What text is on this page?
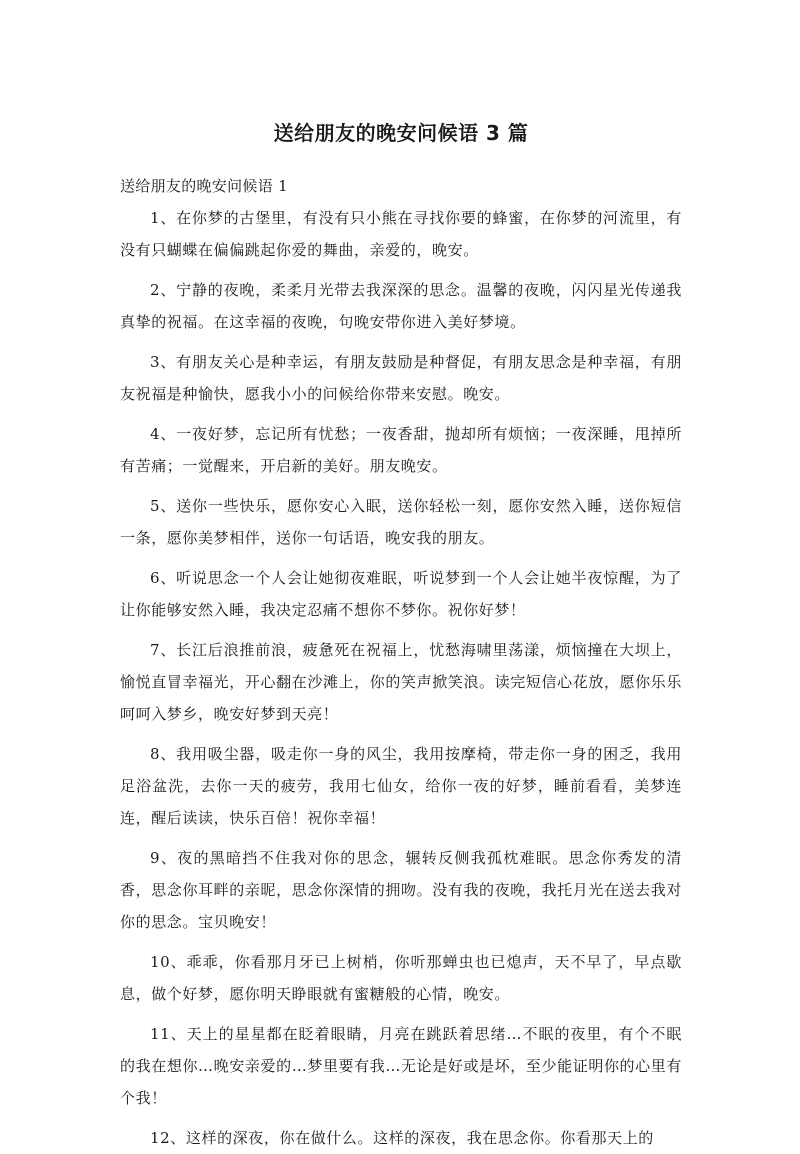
送给朋友的晚安问候语 3 篇

送给朋友的晚安问候语 1

1、在你梦的古堡里，有没有只小熊在寻找你要的蜂蜜，在你梦的河流里，有没有只蝴蝶在偏偏跳起你爱的舞曲，亲爱的，晚安。

2、宁静的夜晚，柔柔月光带去我深深的思念。温馨的夜晚，闪闪星光传递我真挚的祝福。在这幸福的夜晚，句晚安带你进入美好梦境。

3、有朋友关心是种幸运，有朋友鼓励是种督促，有朋友思念是种幸福，有朋友祝福是种愉快，愿我小小的问候给你带来安慰。晚安。

4、一夜好梦，忘记所有忧愁；一夜香甜，抛却所有烦恼；一夜深睡，甩掉所有苦痛；一觉醒来，开启新的美好。朋友晚安。

5、送你一些快乐，愿你安心入眠，送你轻松一刻，愿你安然入睡，送你短信一条，愿你美梦相伴，送你一句话语，晚安我的朋友。

6、听说思念一个人会让她彻夜难眠，听说梦到一个人会让她半夜惊醒，为了让你能够安然入睡，我决定忍痛不想你不梦你。祝你好梦！

7、长江后浪推前浪，疲惫死在祝福上，忧愁海啸里荡漾，烦恼撞在大坝上，愉悦直冒幸福光，开心翻在沙滩上，你的笑声掀笑浪。读完短信心花放，愿你乐乐呵呵入梦乡，晚安好梦到天亮！

8、我用吸尘器，吸走你一身的风尘，我用按摩椅，带走你一身的困乏，我用足浴盆洗，去你一天的疲劳，我用七仙女，给你一夜的好梦，睡前看看，美梦连连，醒后读读，快乐百倍！祝你幸福！

9、夜的黑暗挡不住我对你的思念，辗转反侧我孤枕难眠。思念你秀发的清香，思念你耳畔的亲昵，思念你深情的拥吻。没有我的夜晚，我托月光在送去我对你的思念。宝贝晚安！

10、乖乖，你看那月牙已上树梢，你听那蝉虫也已熄声，天不早了，早点歇息，做个好梦，愿你明天睁眼就有蜜糖般的心情，晚安。

11、天上的星星都在眨着眼睛，月亮在跳跃着思绪…不眠的夜里，有个不眠的我在想你…晚安亲爱的…梦里要有我…无论是好或是坏，至少能证明你的心里有个我！

12、这样的深夜，你在做什么。这样的深夜，我在思念你。你看那天上的
